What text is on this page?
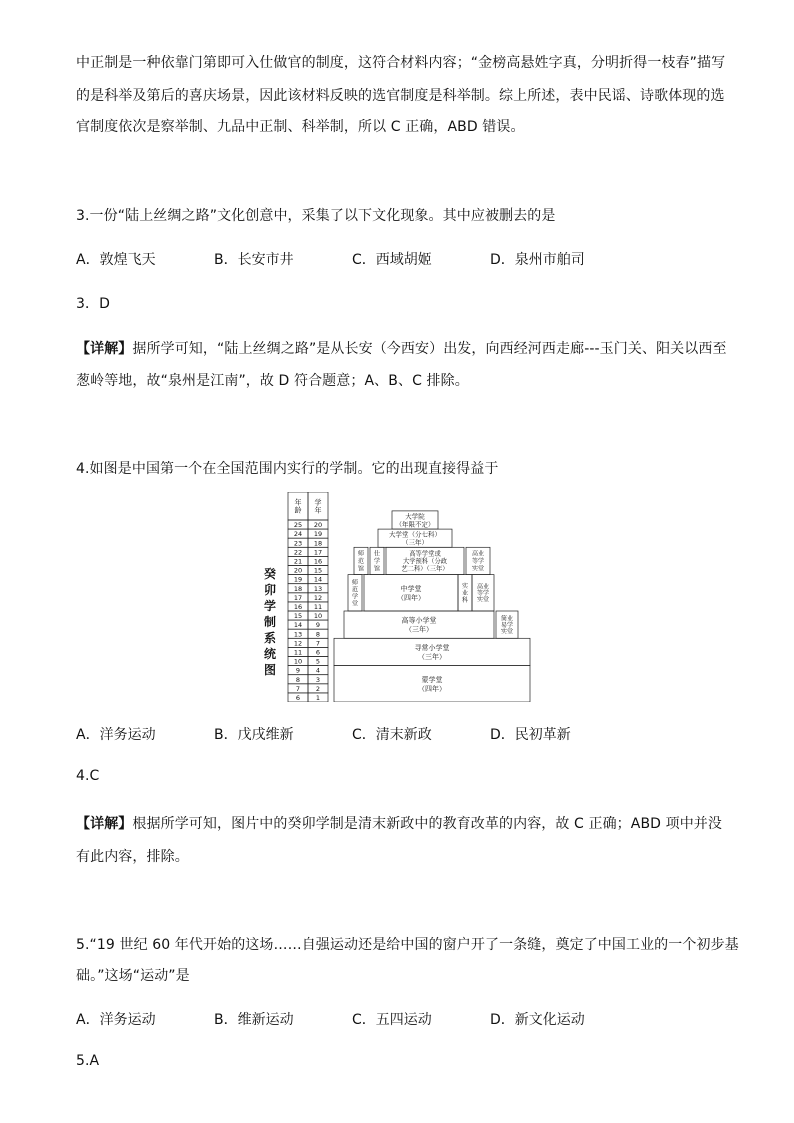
中正制是一种依靠门第即可入仕做官的制度，这符合材料内容；“金榜高悬姓字真，分明折得一枝春”描写
的是科举及第后的喜庆场景，因此该材料反映的选官制度是科举制。综上所述，表中民谣、诗歌体现的选
官制度依次是察举制、九品中正制、科举制，所以 C 正确，ABD 错误。
3.一份“陆上丝绸之路”文化创意中，采集了以下文化现象。其中应被删去的是
A．敦煌飞天	B．长安市井	C．西域胡姬	D．泉州市舶司
3．D
【详解】据所学可知，“陆上丝绸之路”是从长安（今西安）出发，向西经河西走廊---玉门关、阳关以西至
葱岭等地，故“泉州是江南”，故 D 符合题意；A、B、C 排除。
4.如图是中国第一个在全国范围内实行的学制。它的出现直接得益于
癸
卯
学
制
系
统
图
年
龄
学
年
25 20
24 19
23 18
22 17
21 16
20 15
19 14
18 13
17 12
16 11
15 10
14 9
13 8
12 7
11 6
10 5
9 4
8 3
7 2
6 1
蒙学堂
（四年）
寻常小学堂
（三年）
高等小学堂
（三年）
简业
易学
实堂
师
范
学
堂
中学堂
（四年）
实
业
科
高业
等学
实堂
师
范
馆
仕
学
馆
高等学堂或
大学预科（分政
艺二科）（三年）
高业
等学
实堂
大学堂（分七科）
（三年）
大学院
（年限不定）
A．洋务运动	B．戊戌维新	C．清末新政	D．民初革新
4.C
【详解】根据所学可知，图片中的癸卯学制是清末新政中的教育改革的内容，故 C 正确；ABD 项中并没
有此内容，排除。
5.“19 世纪 60 年代开始的这场……自强运动还是给中国的窗户开了一条缝，奠定了中国工业的一个初步基
础。”这场“运动”是
A．洋务运动	B．维新运动	C．五四运动	D．新文化运动
5.A
